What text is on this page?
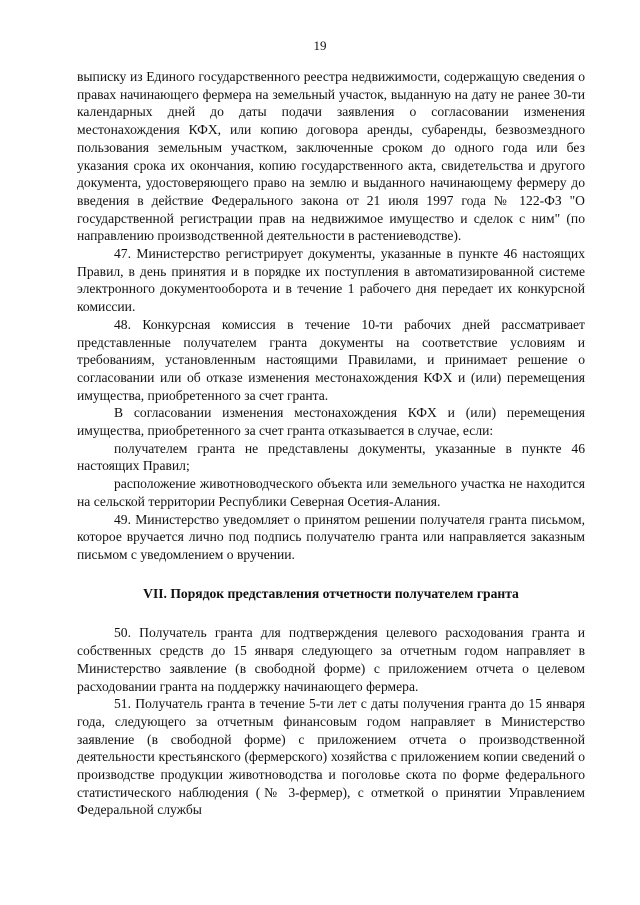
19

выписку из Единого государственного реестра недвижимости, содержащую сведения о правах начинающего фермера на земельный участок, выданную на дату не ранее 30-ти календарных дней до даты подачи заявления о согласовании изменения местонахождения КФХ, или копию договора аренды, субаренды, безвозмездного пользования земельным участком, заключенные сроком до одного года или без указания срока их окончания, копию государственного акта, свидетельства и другого документа, удостоверяющего право на землю и выданного начинающему фермеру до введения в действие Федерального закона от 21 июля 1997 года № 122-ФЗ "О государственной регистрации прав на недвижимое имущество и сделок с ним" (по направлению производственной деятельности в растениеводстве).

47. Министерство регистрирует документы, указанные в пункте 46 настоящих Правил, в день принятия и в порядке их поступления в автоматизированной системе электронного документооборота и в течение 1 рабочего дня передает их конкурсной комиссии.

48. Конкурсная комиссия в течение 10-ти рабочих дней рассматривает представленные получателем гранта документы на соответствие условиям и требованиям, установленным настоящими Правилами, и принимает решение о согласовании или об отказе изменения местонахождения КФХ и (или) перемещения имущества, приобретенного за счет гранта.

В согласовании изменения местонахождения КФХ и (или) перемещения имущества, приобретенного за счет гранта отказывается в случае, если:

получателем гранта не представлены документы, указанные в пункте 46 настоящих Правил;

расположение животноводческого объекта или земельного участка не находится на сельской территории Республики Северная Осетия-Алания.

49. Министерство уведомляет о принятом решении получателя гранта письмом, которое вручается лично под подпись получателю гранта или направляется заказным письмом с уведомлением о вручении.

VII. Порядок представления отчетности получателем гранта

50. Получатель гранта для подтверждения целевого расходования гранта и собственных средств до 15 января следующего за отчетным годом направляет в Министерство заявление (в свободной форме) с приложением отчета о целевом расходовании гранта на поддержку начинающего фермера.

51. Получатель гранта в течение 5-ти лет с даты получения гранта до 15 января года, следующего за отчетным финансовым годом направляет в Министерство заявление (в свободной форме) с приложением отчета о производственной деятельности крестьянского (фермерского) хозяйства с приложением копии сведений о производстве продукции животноводства и поголовье скота по форме федерального статистического наблюдения (№ 3-фермер), с отметкой о принятии Управлением Федеральной службы
